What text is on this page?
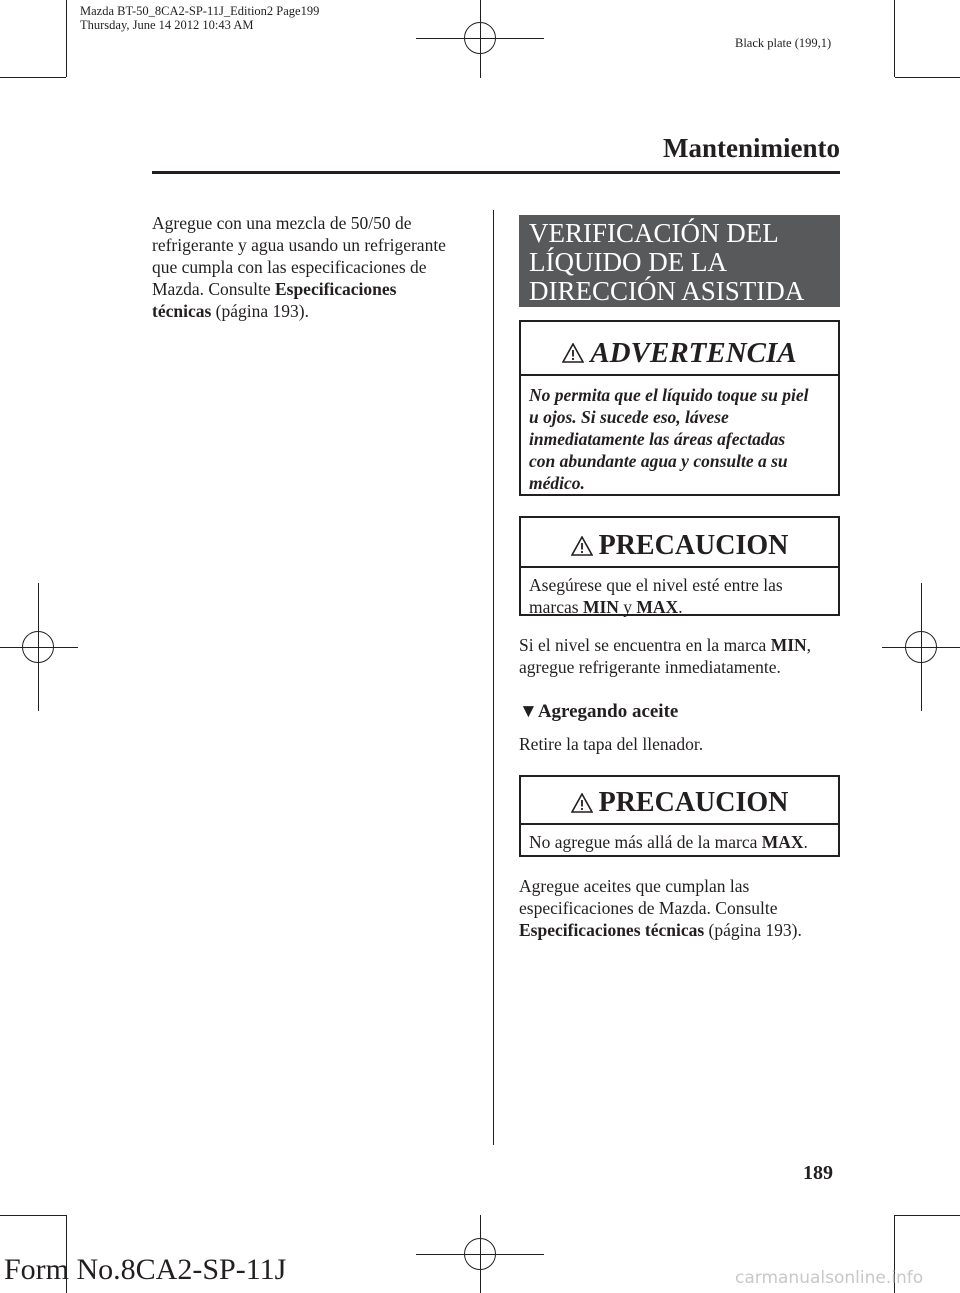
Mazda BT-50_8CA2-SP-11J_Edition2 Page199
Thursday, June 14 2012 10:43 AM
Black plate (199,1)
Mantenimiento
Agregue con una mezcla de 50/50 de
refrigerante y agua usando un refrigerante
que cumpla con las especificaciones de
Mazda. Consulte Especificaciones
técnicas (página 193).
VERIFICACIÓN DEL
LÍQUIDO DE LA
DIRECCIÓN ASISTIDA
ADVERTENCIA
No permita que el líquido toque su piel
u ojos. Si sucede eso, lávese
inmediatamente las áreas afectadas
con abundante agua y consulte a su
médico.
PRECAUCION
Asegúrese que el nivel esté entre las
marcas MIN y MAX.
Si el nivel se encuentra en la marca MIN,
agregue refrigerante inmediatamente.
▼Agregando aceite
Retire la tapa del llenador.
PRECAUCION
No agregue más allá de la marca MAX.
Agregue aceites que cumplan las
especificaciones de Mazda. Consulte
Especificaciones técnicas (página 193).
189
Form No.8CA2-SP-11J	carmanualsonline.info
